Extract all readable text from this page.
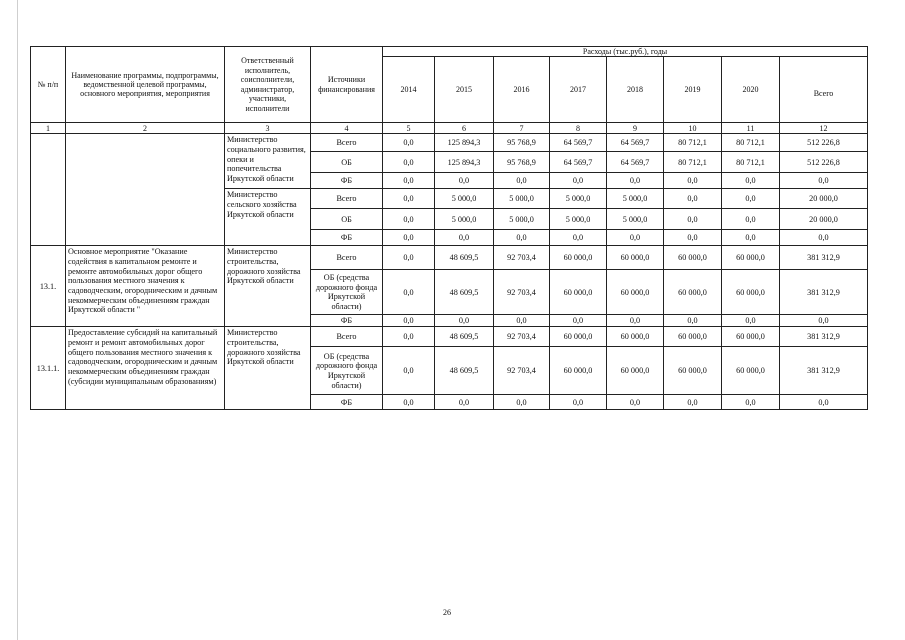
№ п/п	Наименование программы, подпрограммы, ведомственной целевой программы, основного мероприятия, мероприятия	Ответственный исполнитель, соисполнители, администратор, участники, исполнители	Источники финансирования	Расходы (тыс.руб.), годы							
				2014	2015	2016	2017	2018	2019	2020	Всего
1	2	3	4	5	6	7	8	9	10	11	12
		Министерство социального развития, опеки и попечительства Иркутской области	Всего	0,0	125 894,3	95 768,9	64 569,7	64 569,7	80 712,1	80 712,1	512 226,8
			ОБ	0,0	125 894,3	95 768,9	64 569,7	64 569,7	80 712,1	80 712,1	512 226,8
			ФБ	0,0	0,0	0,0	0,0	0,0	0,0	0,0	0,0
		Министерство сельского хозяйства Иркутской области	Всего	0,0	5 000,0	5 000,0	5 000,0	5 000,0	0,0	0,0	20 000,0
			ОБ	0,0	5 000,0	5 000,0	5 000,0	5 000,0	0,0	0,0	20 000,0
			ФБ	0,0	0,0	0,0	0,0	0,0	0,0	0,0	0,0
13.1.	Основное мероприятие "Оказание содействия в капитальном ремонте и ремонте автомобильных дорог общего пользования местного значения к садоводческим, огородническим и дачным некоммерческим объединениям граждан Иркутской области "	Министерство строительства, дорожного хозяйства Иркутской области	Всего	0,0	48 609,5	92 703,4	60 000,0	60 000,0	60 000,0	60 000,0	381 312,9
			ОБ (средства дорожного фонда Иркутской области)	0,0	48 609,5	92 703,4	60 000,0	60 000,0	60 000,0	60 000,0	381 312,9
			ФБ	0,0	0,0	0,0	0,0	0,0	0,0	0,0	0,0
13.1.1.	Предоставление субсидий на капитальный ремонт и ремонт автомобильных дорог общего пользования местного значения к садоводческим, огородническим и дачным некоммерческим объединениям граждан (субсидии муниципальным образованиям)	Министерство строительства, дорожного хозяйства Иркутской области	Всего	0,0	48 609,5	92 703,4	60 000,0	60 000,0	60 000,0	60 000,0	381 312,9
			ОБ (средства дорожного фонда Иркутской области)	0,0	48 609,5	92 703,4	60 000,0	60 000,0	60 000,0	60 000,0	381 312,9
			ФБ	0,0	0,0	0,0	0,0	0,0	0,0	0,0	0,0
26
